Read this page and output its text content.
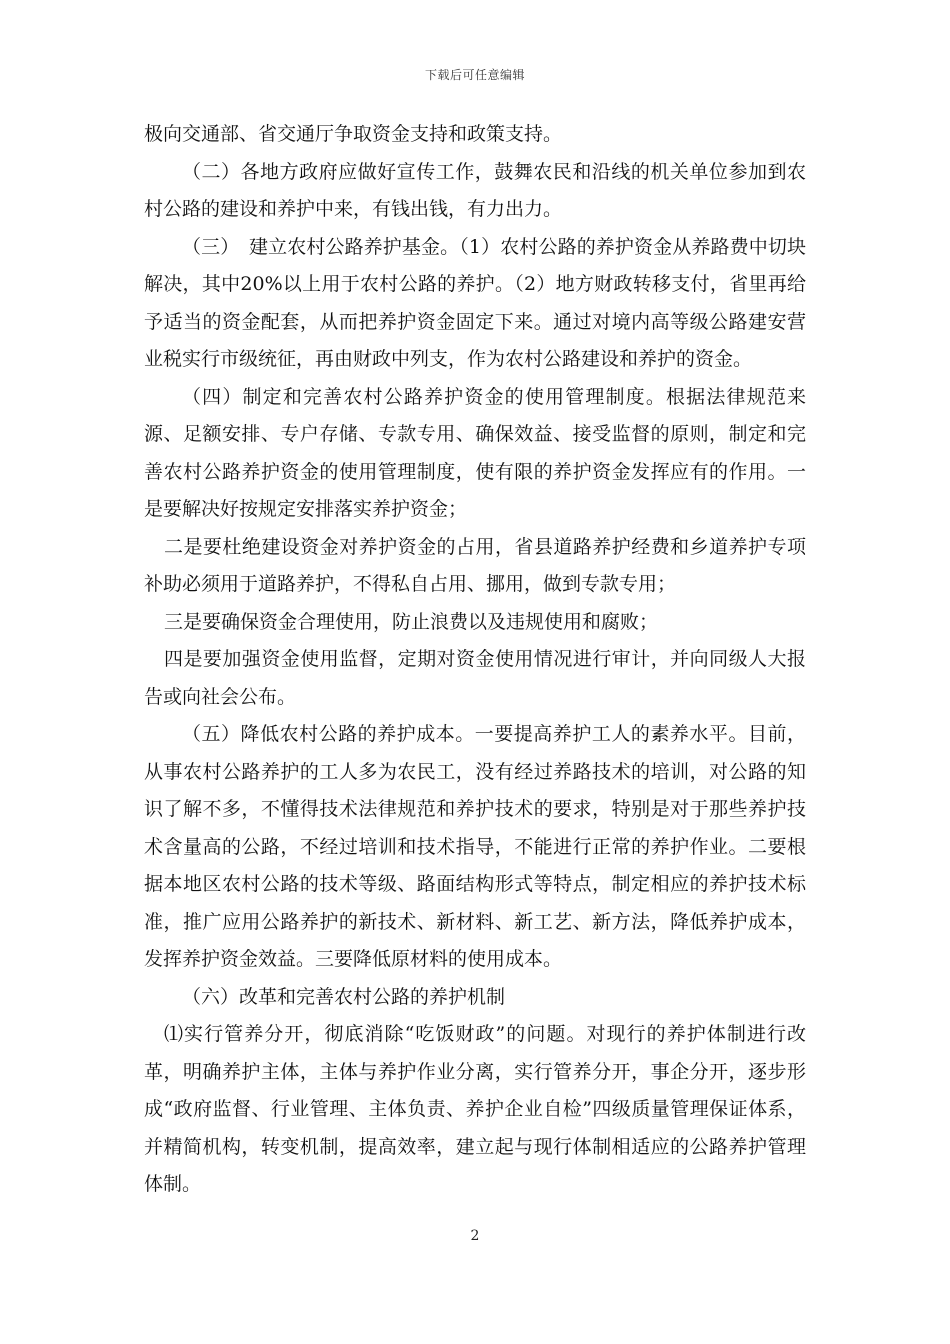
下载后可任意编辑

极向交通部、省交通厅争取资金支持和政策支持。

（二）各地方政府应做好宣传工作，鼓舞农民和沿线的机关单位参加到农村公路的建设和养护中来，有钱出钱，有力出力。

（三）　建立农村公路养护基金。（1）农村公路的养护资金从养路费中切块解决，其中20%以上用于农村公路的养护。（2）地方财政转移支付，省里再给予适当的资金配套，从而把养护资金固定下来。通过对境内高等级公路建安营业税实行市级统征，再由财政中列支，作为农村公路建设和养护的资金。

（四）制定和完善农村公路养护资金的使用管理制度。根据法律规范来源、足额安排、专户存储、专款专用、确保效益、接受监督的原则，制定和完善农村公路养护资金的使用管理制度，使有限的养护资金发挥应有的作用。一是要解决好按规定安排落实养护资金；

二是要杜绝建设资金对养护资金的占用，省县道路养护经费和乡道养护专项补助必须用于道路养护，不得私自占用、挪用，做到专款专用；

三是要确保资金合理使用，防止浪费以及违规使用和腐败；

四是要加强资金使用监督，定期对资金使用情况进行审计，并向同级人大报告或向社会公布。

（五）降低农村公路的养护成本。一要提高养护工人的素养水平。目前，从事农村公路养护的工人多为农民工，没有经过养路技术的培训，对公路的知识了解不多，不懂得技术法律规范和养护技术的要求，特别是对于那些养护技术含量高的公路，不经过培训和技术指导，不能进行正常的养护作业。二要根据本地区农村公路的技术等级、路面结构形式等特点，制定相应的养护技术标准，推广应用公路养护的新技术、新材料、新工艺、新方法，降低养护成本，发挥养护资金效益。三要降低原材料的使用成本。

（六）改革和完善农村公路的养护机制

⑴实行管养分开，彻底消除“吃饭财政”的问题。对现行的养护体制进行改革，明确养护主体，主体与养护作业分离，实行管养分开，事企分开，逐步形成“政府监督、行业管理、主体负责、养护企业自检”四级质量管理保证体系，并精简机构，转变机制，提高效率，建立起与现行体制相适应的公路养护管理体制。

2
